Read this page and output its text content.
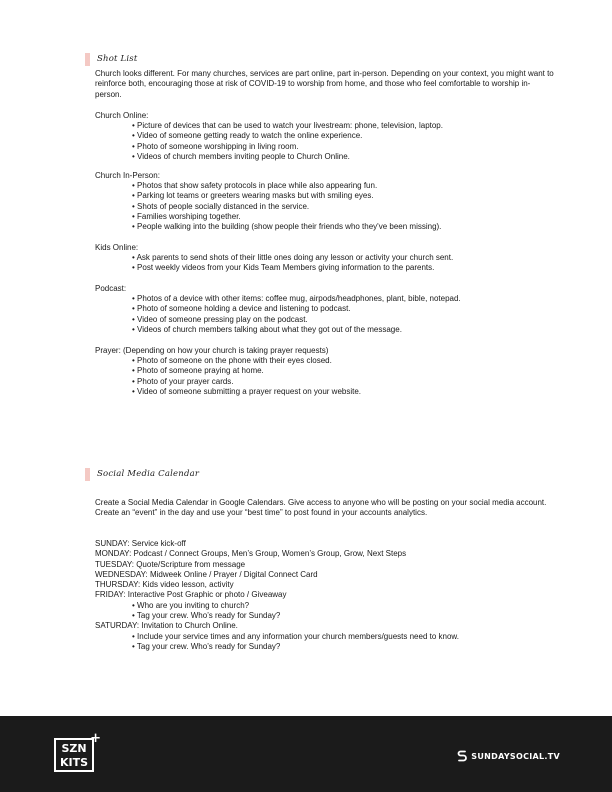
Shot List

Church looks different. For many churches, services are part online, part in-person. Depending on your context, you might want to reinforce both, encouraging those at risk of COVID-19 to worship from home, and those who feel comfortable to worship in-person.

Church Online:

• Picture of devices that can be used to watch your livestream: phone, television, laptop.
• Video of someone getting ready to watch the online experience.
• Photo of someone worshipping in living room.
• Videos of church members inviting people to Church Online.

Church In-Person:

• Photos that show safety protocols in place while also appearing fun.
• Parking lot teams or greeters wearing masks but with smiling eyes.
• Shots of people socially distanced in the service.
• Families worshiping together.
• People walking into the building (show people their friends who they've been missing).

Kids Online:

• Ask parents to send shots of their little ones doing any lesson or activity your church sent.
• Post weekly videos from your Kids Team Members giving information to the parents.

Podcast:

• Photos of a device with other items: coffee mug, airpods/headphones, plant, bible, notepad.
• Photo of someone holding a device and listening to podcast.
• Video of someone pressing play on the podcast.
• Videos of church members talking about what they got out of the message.

Prayer: (Depending on how your church is taking prayer requests)

• Photo of someone on the phone with their eyes closed.
• Photo of someone praying at home.
• Photo of your prayer cards.
• Video of someone submitting a prayer request on your website.
Social Media Calendar

Create a Social Media Calendar in Google Calendars. Give access to anyone who will be posting on your social media account. Create an “event” in the day and use your “best time” to post found in your accounts analytics.

SUNDAY: Service kick-off

MONDAY: Podcast / Connect Groups, Men’s Group, Women’s Group, Grow, Next Steps

TUESDAY: Quote/Scripture from message

WEDNESDAY: Midweek Online / Prayer / Digital Connect Card

THURSDAY: Kids video lesson, activity

FRIDAY: Interactive Post Graphic or photo / Giveaway

• Who are you inviting to church?
• Tag your crew. Who’s ready for Sunday?

SATURDAY: Invitation to Church Online.

• Include your service times and any information your church members/guests need to know.
• Tag your crew. Who’s ready for Sunday?
SZN
KITS
+
SUNDAYSOCIAL.TV
